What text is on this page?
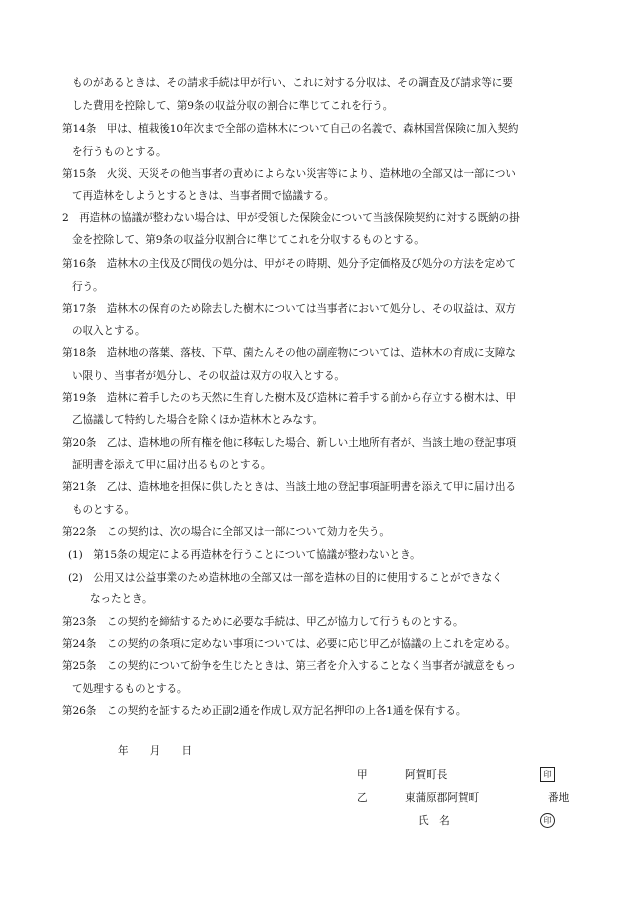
ものがあるときは、その請求手続は甲が行い、これに対する分収は、その調査及び請求等に要
した費用を控除して、第9条の収益分収の割合に準じてこれを行う。
第14条　甲は、植栽後10年次まで全部の造林木について自己の名義で、森林国営保険に加入契約
を行うものとする。
第15条　火災、天災その他当事者の責めによらない災害等により、造林地の全部又は一部につい
て再造林をしようとするときは、当事者間で協議する。
2　再造林の協議が整わない場合は、甲が受領した保険金について当該保険契約に対する既納の掛
金を控除して、第9条の収益分収割合に準じてこれを分収するものとする。
第16条　造林木の主伐及び間伐の処分は、甲がその時期、処分予定価格及び処分の方法を定めて
行う。
第17条　造林木の保育のため除去した樹木については当事者において処分し、その収益は、双方
の収入とする。
第18条　造林地の落葉、落枝、下草、菌たんその他の副産物については、造林木の育成に支障な
い限り、当事者が処分し、その収益は双方の収入とする。
第19条　造林に着手したのち天然に生育した樹木及び造林に着手する前から存立する樹木は、甲
乙協議して特約した場合を除くほか造林木とみなす。
第20条　乙は、造林地の所有権を他に移転した場合、新しい土地所有者が、当該土地の登記事項
証明書を添えて甲に届け出るものとする。
第21条　乙は、造林地を担保に供したときは、当該土地の登記事項証明書を添えて甲に届け出る
ものとする。
第22条　この契約は、次の場合に全部又は一部について効力を失う。
(1)　第15条の規定による再造林を行うことについて協議が整わないとき。
(2)　公用又は公益事業のため造林地の全部又は一部を造林の目的に使用することができなく
なったとき。
第23条　この契約を締結するために必要な手続は、甲乙が協力して行うものとする。
第24条　この契約の条項に定めない事項については、必要に応じ甲乙が協議の上これを定める。
第25条　この契約について紛争を生じたときは、第三者を介入することなく当事者が誠意をもっ
て処理するものとする。
第26条　この契約を証するため正副2通を作成し双方記名押印の上各1通を保有する。
年　　月　　日
甲	阿賀町長	印
乙	東蒲原郡阿賀町	番地
氏　名	印
